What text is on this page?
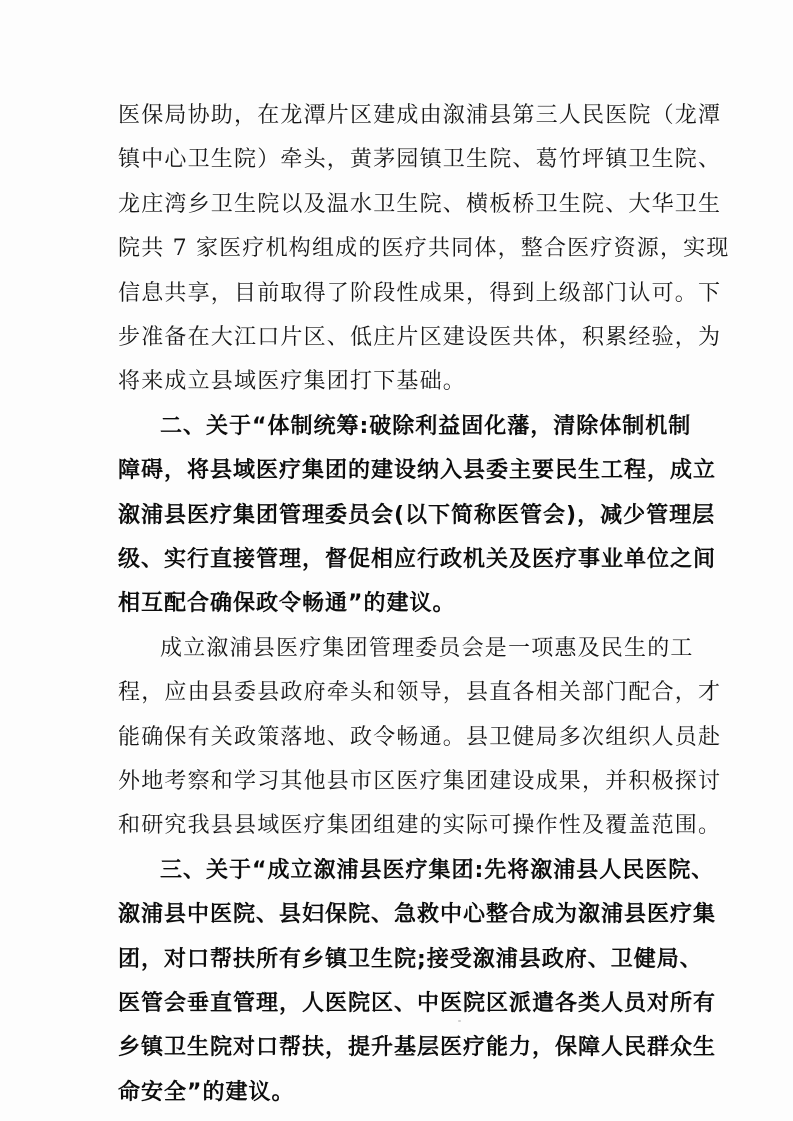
医保局协助，在龙潭片区建成由溆浦县第三人民医院（龙潭
镇中心卫生院）牵头，黄茅园镇卫生院、葛竹坪镇卫生院、
龙庄湾乡卫生院以及温水卫生院、横板桥卫生院、大华卫生
院共 7 家医疗机构组成的医疗共同体，整合医疗资源，实现
信息共享，目前取得了阶段性成果，得到上级部门认可。下
步准备在大江口片区、低庄片区建设医共体，积累经验，为
将来成立县域医疗集团打下基础。
二、关于“体制统筹:破除利益固化藩，清除体制机制
障碍，将县域医疗集团的建设纳入县委主要民生工程，成立
溆浦县医疗集团管理委员会(以下简称医管会)，减少管理层
级、实行直接管理，督促相应行政机关及医疗事业单位之间
相互配合确保政令畅通”的建议。
成立溆浦县医疗集团管理委员会是一项惠及民生的工
程，应由县委县政府牵头和领导，县直各相关部门配合，才
能确保有关政策落地、政令畅通。县卫健局多次组织人员赴
外地考察和学习其他县市区医疗集团建设成果，并积极探讨
和研究我县县域医疗集团组建的实际可操作性及覆盖范围。
三、关于“成立溆浦县医疗集团:先将溆浦县人民医院、
溆浦县中医院、县妇保院、急救中心整合成为溆浦县医疗集
团，对口帮扶所有乡镇卫生院;接受溆浦县政府、卫健局、
医管会垂直管理，人医院区、中医院区派遣各类人员对所有
乡镇卫生院对口帮扶，提升基层医疗能力，保障人民群众生
命安全”的建议。
